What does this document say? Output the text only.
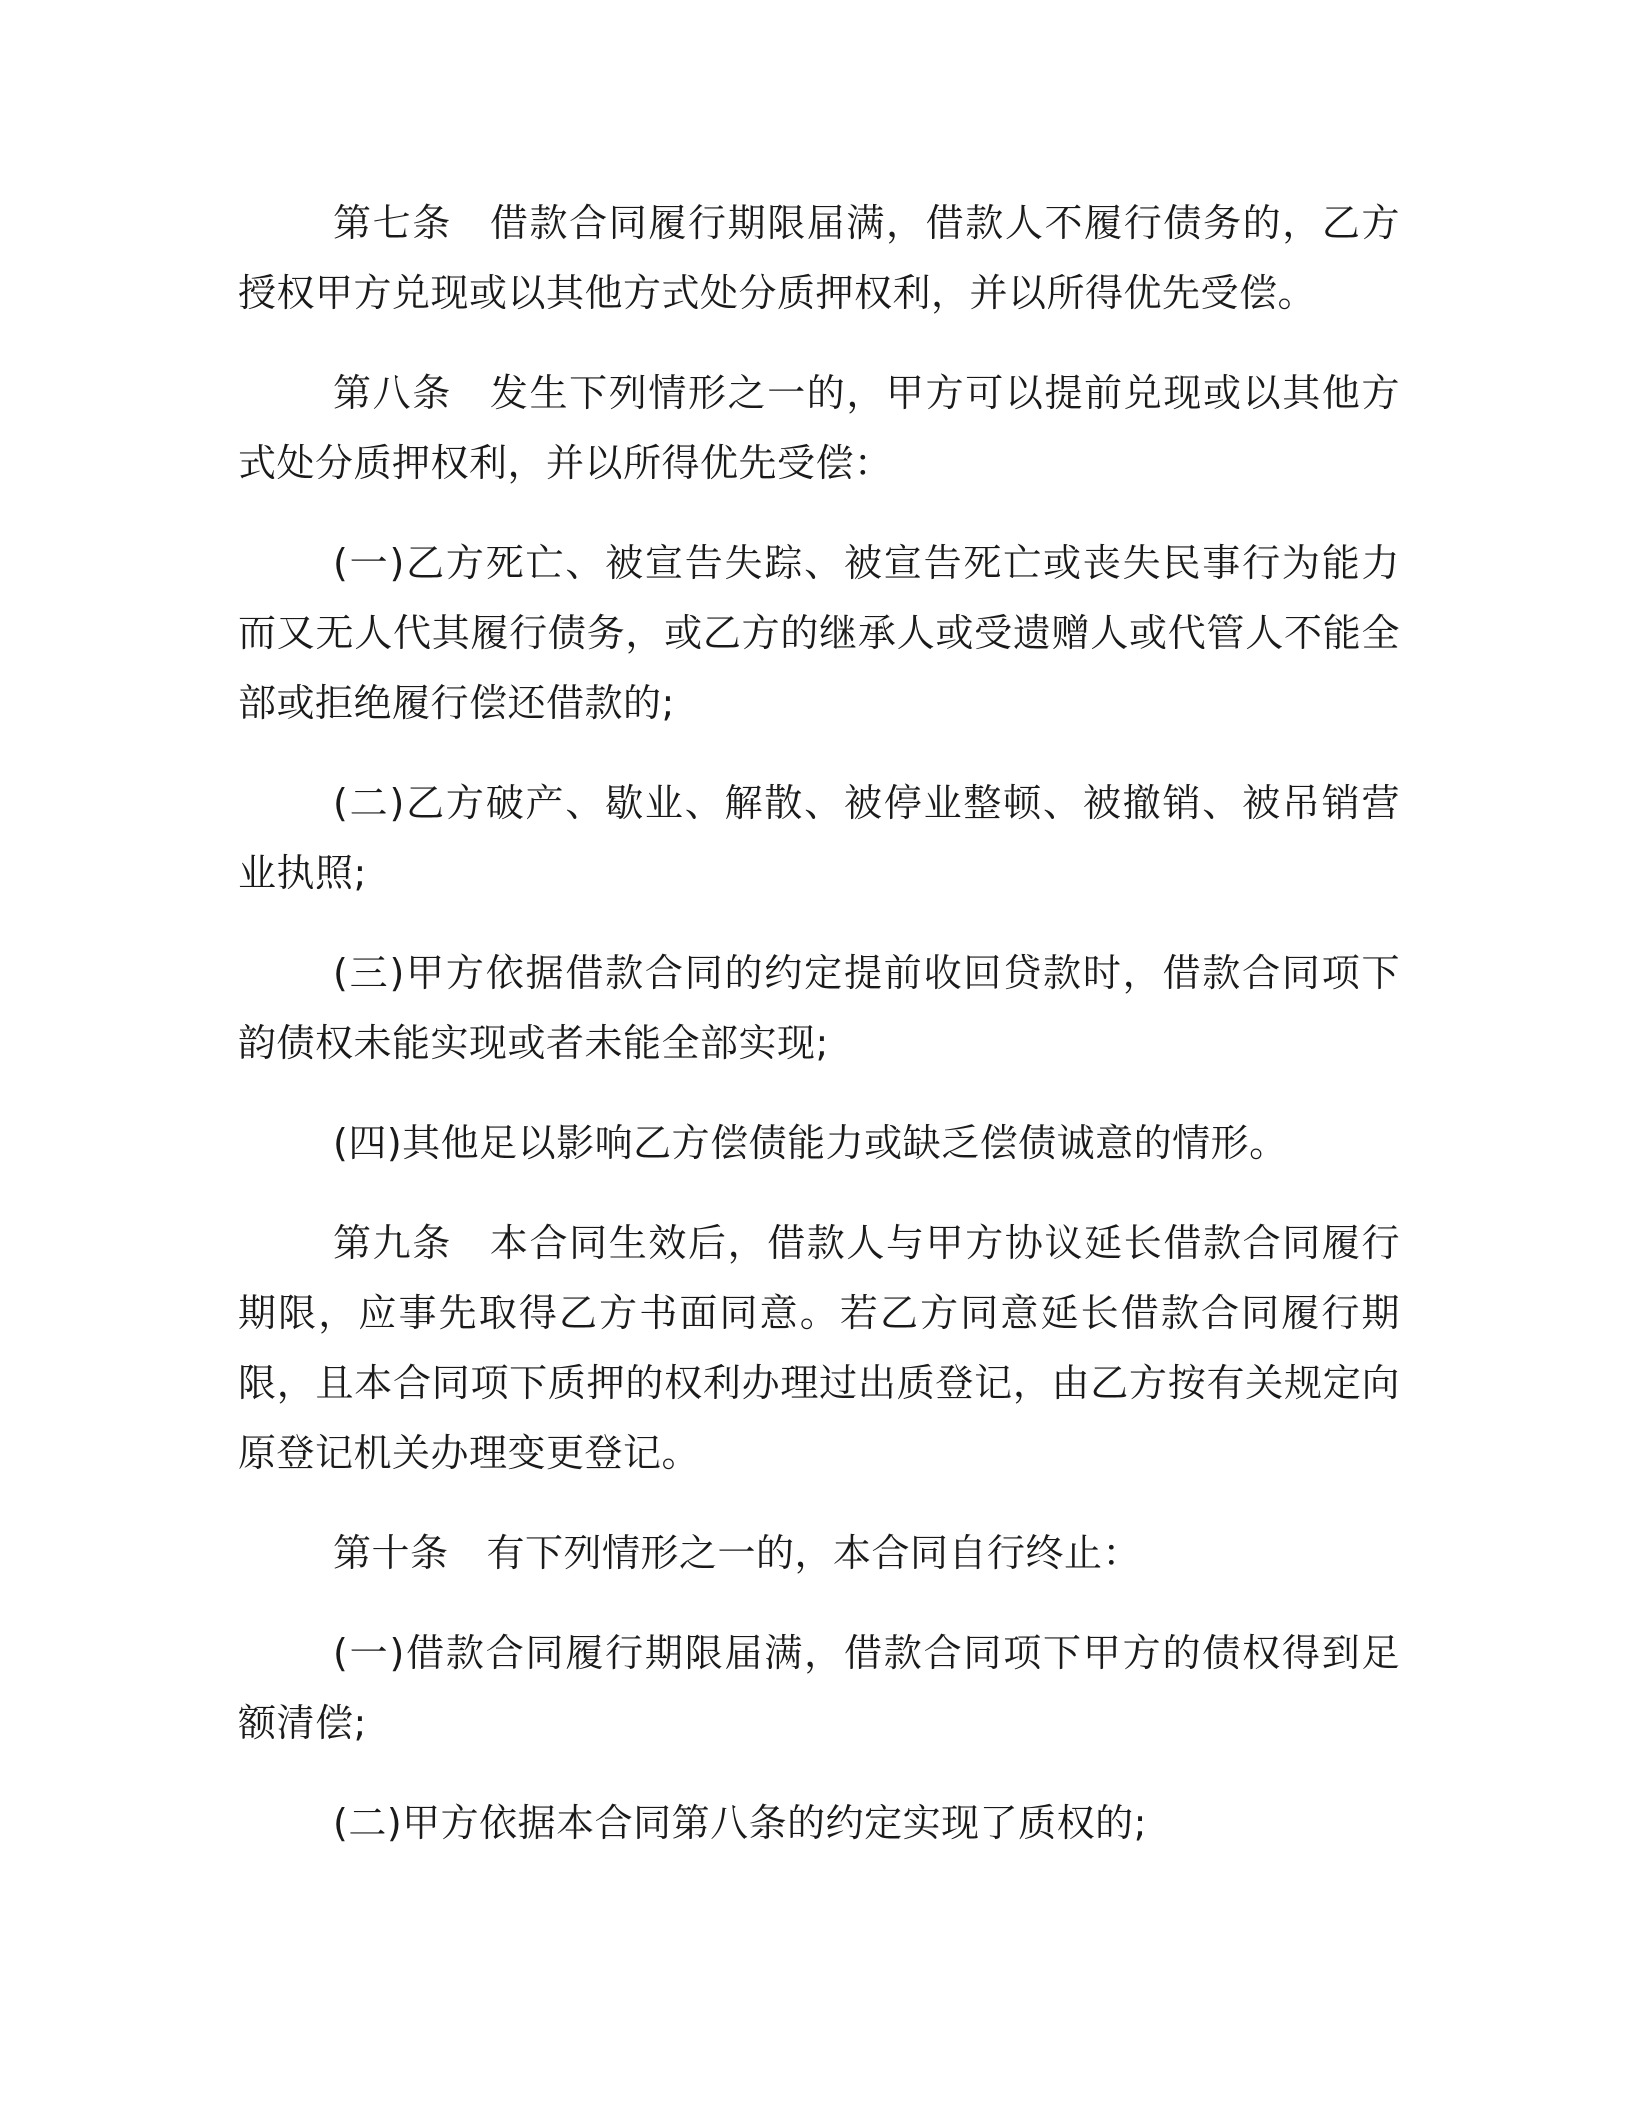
第七条 借款合同履行期限届满，借款人不履行债务的，乙方授权甲方兑现或以其他方式处分质押权利，并以所得优先受偿。

第八条 发生下列情形之一的，甲方可以提前兑现或以其他方式处分质押权利，并以所得优先受偿：

(一)乙方死亡、被宣告失踪、被宣告死亡或丧失民事行为能力而又无人代其履行债务，或乙方的继承人或受遗赠人或代管人不能全部或拒绝履行偿还借款的;

(二)乙方破产、歇业、解散、被停业整顿、被撤销、被吊销营业执照;

(三)甲方依据借款合同的约定提前收回贷款时，借款合同项下韵债权未能实现或者未能全部实现;

(四)其他足以影响乙方偿债能力或缺乏偿债诚意的情形。

第九条 本合同生效后，借款人与甲方协议延长借款合同履行期限，应事先取得乙方书面同意。若乙方同意延长借款合同履行期限，且本合同项下质押的权利办理过出质登记，由乙方按有关规定向原登记机关办理变更登记。

第十条 有下列情形之一的，本合同自行终止：

(一)借款合同履行期限届满，借款合同项下甲方的债权得到足额清偿;

(二)甲方依据本合同第八条的约定实现了质权的;
